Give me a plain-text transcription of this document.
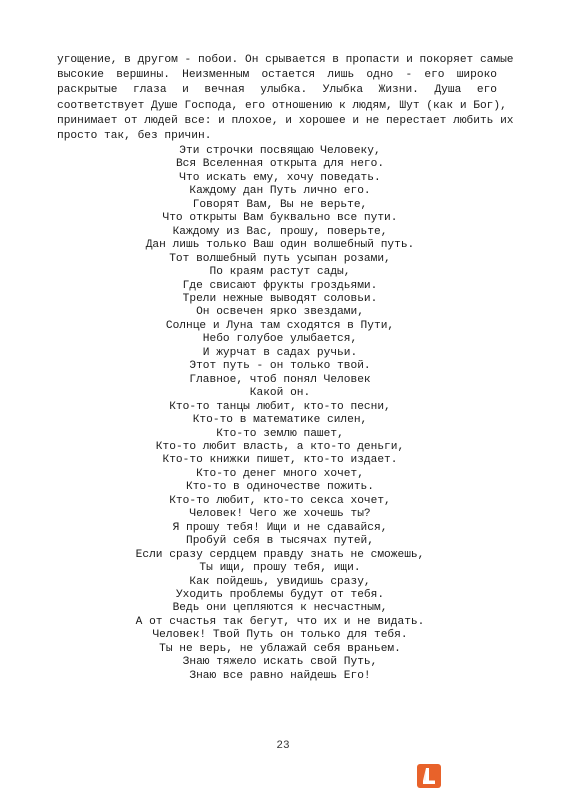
угощение, в другом - побои. Он срывается в пропасти и покоряет самые
высокие вершины. Неизменным остается лишь одно - его широко
раскрытые глаза и вечная улыбка. Улыбка Жизни. Душа его
соответствует Душе Господа, его отношению к людям, Шут (как и Бог),
принимает от людей все: и плохое, и хорошее и не перестает любить их
просто так, без причин.
Эти строчки посвящаю Человеку,
Вся Вселенная открыта для него.
Что искать ему, хочу поведать.
Каждому дан Путь лично его.
Говорят Вам, Вы не верьте,
Что открыты Вам буквально все пути.
Каждому из Вас, прошу, поверьте,
Дан лишь только Ваш один волшебный путь.
Тот волшебный путь усыпан розами,
По краям растут сады,
Где свисают фрукты гроздьями.
Трели нежные выводят соловьи.
Он освечен ярко звездами,
Солнце и Луна там сходятся в Пути,
Небо голубое улыбается,
И журчат в садах ручьи.
Этот путь - он только твой.
Главное, чтоб понял Человек
Какой он.
Кто-то танцы любит, кто-то песни,
Кто-то в математике силен,
Кто-то землю пашет,
Кто-то любит власть, а кто-то деньги,
Кто-то книжки пишет, кто-то издает.
Кто-то денег много хочет,
Кто-то в одиночестве пожить.
Кто-то любит, кто-то секса хочет,
Человек! Чего же хочешь ты?
Я прошу тебя! Ищи и не сдавайся,
Пробуй себя в тысячах путей,
Если сразу сердцем правду знать не сможешь,
Ты ищи, прошу тебя, ищи.
Как пойдешь, увидишь сразу,
Уходить проблемы будут от тебя.
Ведь они цепляются к несчастным,
А от счастья так бегут, что их и не видать.
Человек! Твой Путь он только для тебя.
Ты не верь, не ублажай себя враньем.
Знаю тяжело искать свой Путь,
Знаю все равно найдешь Его!
23
